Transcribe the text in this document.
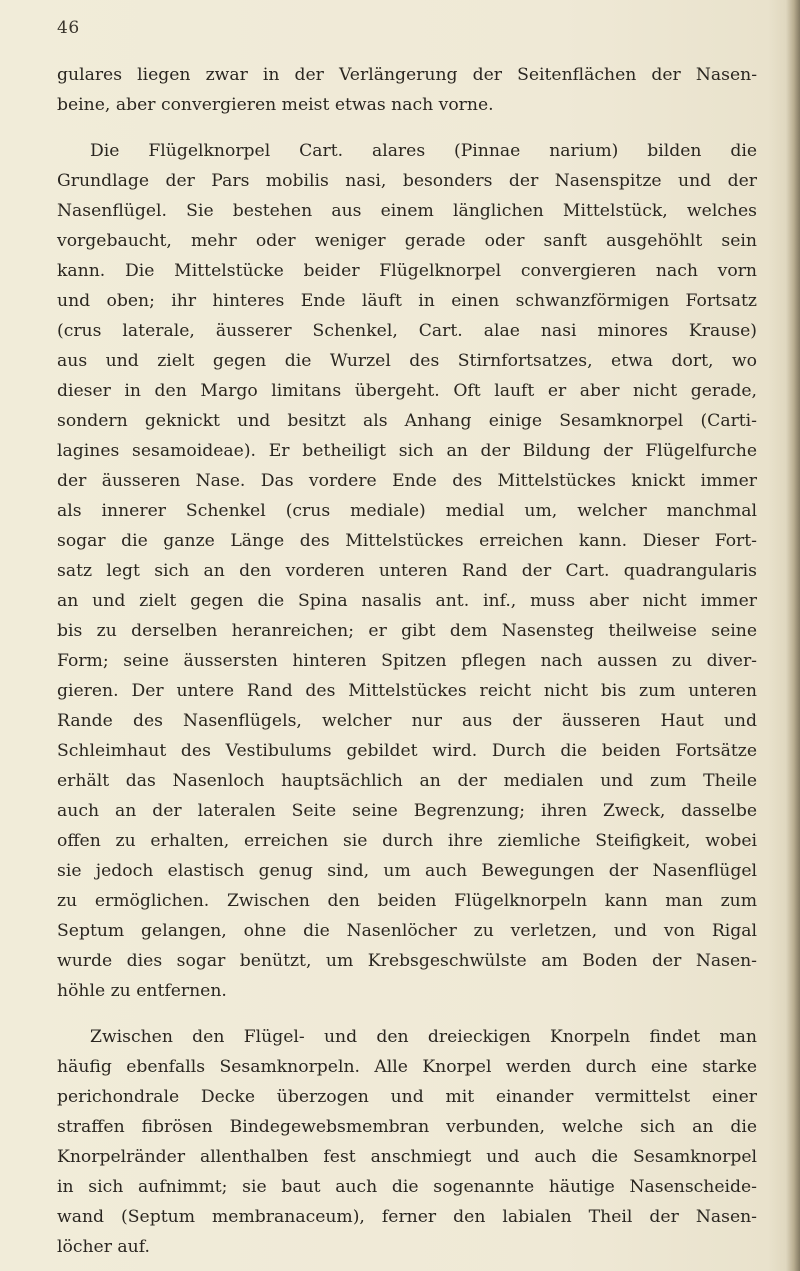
46
gulares liegen zwar in der Verlängerung der Seitenflächen der Nasen-
beine, aber convergieren meist etwas nach vorne.
Die Flügelknorpel Cart. alares (Pinnae narium) bilden die
Grundlage der Pars mobilis nasi, besonders der Nasenspitze und der
Nasenflügel. Sie bestehen aus einem länglichen Mittelstück, welches
vorgebaucht, mehr oder weniger gerade oder sanft ausgehöhlt sein
kann. Die Mittelstücke beider Flügelknorpel convergieren nach vorn
und oben; ihr hinteres Ende läuft in einen schwanzförmigen Fortsatz
(crus laterale, äusserer Schenkel, Cart. alae nasi minores Krause)
aus und zielt gegen die Wurzel des Stirnfortsatzes, etwa dort, wo
dieser in den Margo limitans übergeht. Oft lauft er aber nicht gerade,
sondern geknickt und besitzt als Anhang einige Sesamknorpel (Carti-
lagines sesamoideae). Er betheiligt sich an der Bildung der Flügelfurche
der äusseren Nase. Das vordere Ende des Mittelstückes knickt immer
als innerer Schenkel (crus mediale) medial um, welcher manchmal
sogar die ganze Länge des Mittelstückes erreichen kann. Dieser Fort-
satz legt sich an den vorderen unteren Rand der Cart. quadrangularis
an und zielt gegen die Spina nasalis ant. inf., muss aber nicht immer
bis zu derselben heranreichen; er gibt dem Nasensteg theilweise seine
Form; seine äussersten hinteren Spitzen pflegen nach aussen zu diver-
gieren. Der untere Rand des Mittelstückes reicht nicht bis zum unteren
Rande des Nasenflügels, welcher nur aus der äusseren Haut und
Schleimhaut des Vestibulums gebildet wird. Durch die beiden Fortsätze
erhält das Nasenloch hauptsächlich an der medialen und zum Theile
auch an der lateralen Seite seine Begrenzung; ihren Zweck, dasselbe
offen zu erhalten, erreichen sie durch ihre ziemliche Steifigkeit, wobei
sie jedoch elastisch genug sind, um auch Bewegungen der Nasenflügel
zu ermöglichen. Zwischen den beiden Flügelknorpeln kann man zum
Septum gelangen, ohne die Nasenlöcher zu verletzen, und von Rigal
wurde dies sogar benützt, um Krebsgeschwülste am Boden der Nasen-
höhle zu entfernen.
Zwischen den Flügel- und den dreieckigen Knorpeln findet man
häufig ebenfalls Sesamknorpeln. Alle Knorpel werden durch eine starke
perichondrale Decke überzogen und mit einander vermittelst einer
straffen fibrösen Bindegewebsmembran verbunden, welche sich an die
Knorpelränder allenthalben fest anschmiegt und auch die Sesamknorpel
in sich aufnimmt; sie baut auch die sogenannte häutige Nasenscheide-
wand (Septum membranaceum), ferner den labialen Theil der Nasen-
löcher auf.
